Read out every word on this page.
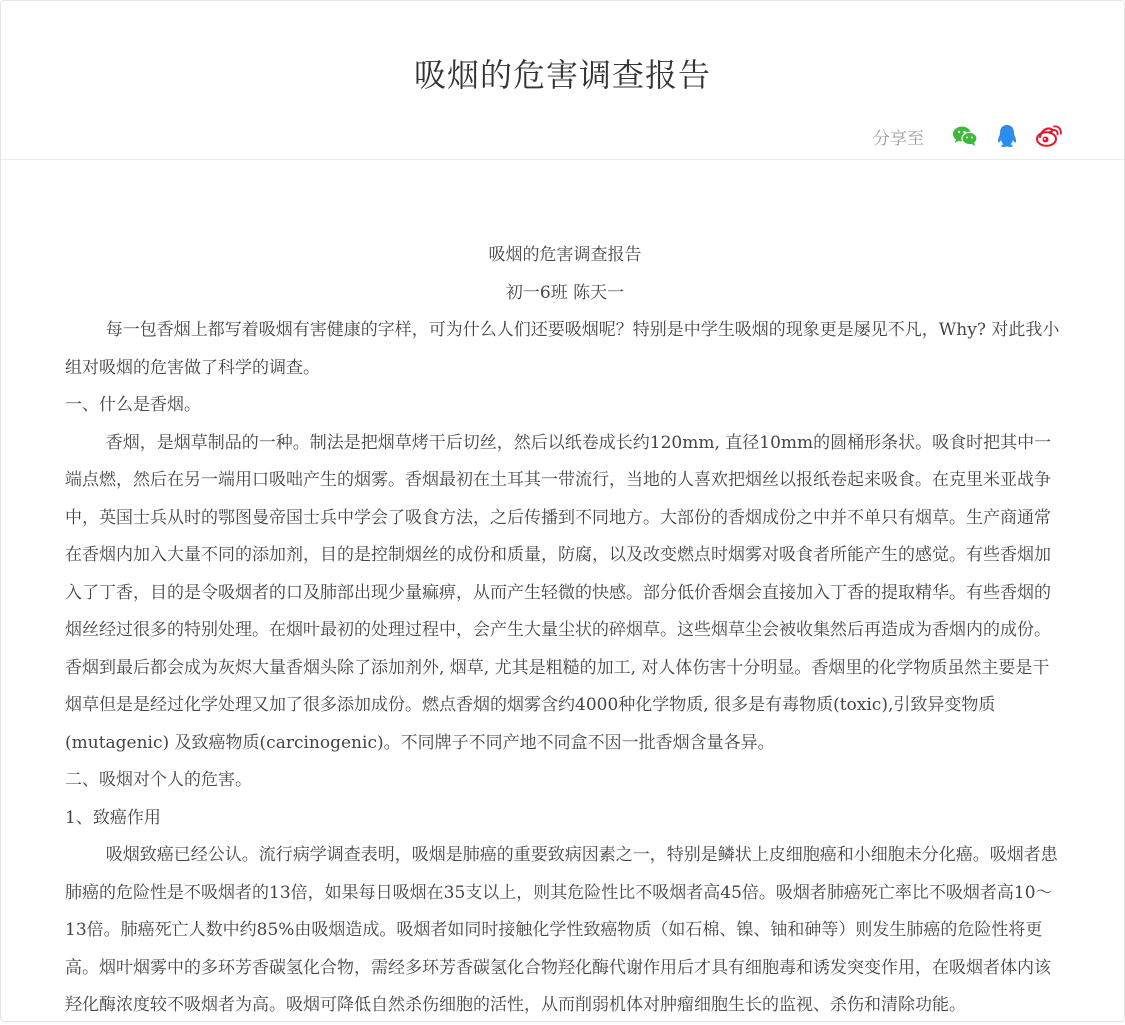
吸烟的危害调查报告
分享至

吸烟的危害调查报告

初一6班 陈天一

每一包香烟上都写着吸烟有害健康的字样，可为什么人们还要吸烟呢？特别是中学生吸烟的现象更是屡见不凡，Why? 对此我小组对吸烟的危害做了科学的调查。

一、什么是香烟。

香烟，是烟草制品的一种。制法是把烟草烤干后切丝，然后以纸卷成长约120mm, 直径10mm的圆桶形条状。吸食时把其中一端点燃，然后在另一端用口吸咄产生的烟雾。香烟最初在土耳其一带流行，当地的人喜欢把烟丝以报纸卷起来吸食。在克里米亚战争中，英国士兵从时的鄂图曼帝国士兵中学会了吸食方法，之后传播到不同地方。大部份的香烟成份之中并不单只有烟草。生产商通常在香烟内加入大量不同的添加剂，目的是控制烟丝的成份和质量，防腐，以及改变燃点时烟雾对吸食者所能产生的感觉。有些香烟加入了丁香，目的是令吸烟者的口及肺部出现少量痲痹，从而产生轻微的快感。部分低价香烟会直接加入丁香的提取精华。有些香烟的烟丝经过很多的特别处理。在烟叶最初的处理过程中，会产生大量尘状的碎烟草。这些烟草尘会被收集然后再造成为香烟内的成份。香烟到最后都会成为灰烬大量香烟头除了添加剂外, 烟草, 尤其是粗糙的加工, 对人体伤害十分明显。香烟里的化学物质虽然主要是干烟草但是是经过化学处理又加了很多添加成份。燃点香烟的烟雾含约4000种化学物质, 很多是有毒物质(toxic),引致异变物质 (mutagenic) 及致癌物质(carcinogenic)。不同牌子不同产地不同盒不因一批香烟含量各异。

二、吸烟对个人的危害。

1、致癌作用

吸烟致癌已经公认。流行病学调查表明，吸烟是肺癌的重要致病因素之一，特别是鳞状上皮细胞癌和小细胞未分化癌。吸烟者患肺癌的危险性是不吸烟者的13倍，如果每日吸烟在35支以上，则其危险性比不吸烟者高45倍。吸烟者肺癌死亡率比不吸烟者高10～13倍。肺癌死亡人数中约85%由吸烟造成。吸烟者如同时接触化学性致癌物质（如石棉、镍、铀和砷等）则发生肺癌的危险性将更高。烟叶烟雾中的多环芳香碳氢化合物，需经多环芳香碳氢化合物羟化酶代谢作用后才具有细胞毒和诱发突变作用，在吸烟者体内该羟化酶浓度较不吸烟者为高。吸烟可降低自然杀伤细胞的活性，从而削弱机体对肿瘤细胞生长的监视、杀伤和清除功能。
